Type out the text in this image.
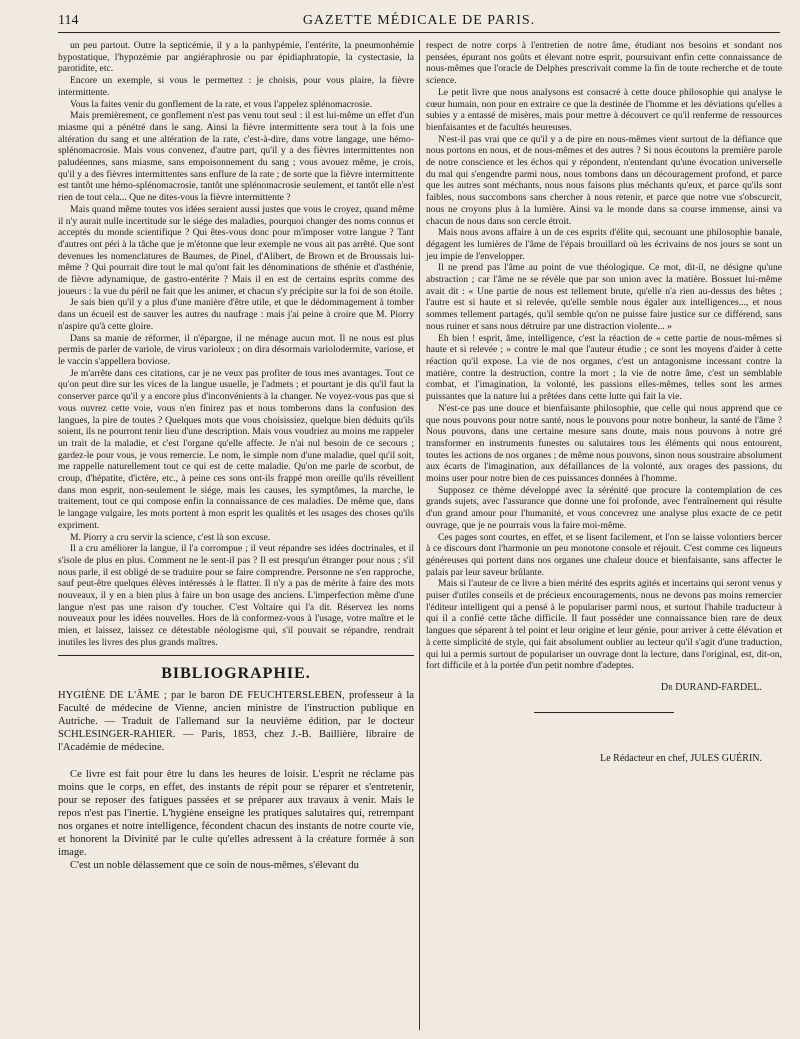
114	GAZETTE MÉDICALE DE PARIS.

un peu partout. Outre la septicémie, il y a la panhypémie, l'entérite, la pneumonhémie hypostatique, l'hypozémie par angiéraphrosie ou par épidiaphratopie, la cystectasie, la parotidite, etc.

Encore un exemple, si vous le permettez : je choisis, pour vous plaire, la fièvre intermittente.

Vous la faites venir du gonflement de la rate, et vous l'appelez splénomacrosie.

Mais premièrement, ce gonflement n'est pas venu tout seul : il est lui-même un effet d'un miasme qui a pénétré dans le sang. Ainsi la fièvre intermittente sera tout à la fois une altération du sang et une altération de la rate, c'est-à-dire, dans votre langage, une hémo-splénomacrosie. Mais vous convenez, d'autre part, qu'il y a des fièvres intermittentes non paludéennes, sans miasme, sans empoisonnement du sang ; vous avouez même, je crois, qu'il y a des fièvres intermittentes sans enflure de la rate ; de sorte que la fièvre intermittente est tantôt une hémo-splénomacrosie, tantôt une splénomacrosie seulement, et tantôt elle n'est rien de tout cela... Que ne dites-vous la fièvre intermittente ?

Mais quand même toutes vos idées seraient aussi justes que vous le croyez, quand même il n'y aurait nulle incertitude sur le siége des maladies, pourquoi changer des noms connus et acceptés du monde scientifique ? Qui êtes-vous donc pour m'imposer votre langue ? Tant d'autres ont péri à la tâche que je m'étonne que leur exemple ne vous ait pas arrêté. Que sont devenues les nomenclatures de Baumes, de Pinel, d'Alibert, de Brown et de Broussais lui-même ? Qui pourrait dire tout le mal qu'ont fait les dénominations de sthénie et d'asthénie, de fièvre adynamique, de gastro-entérite ? Mais il en est de certains esprits comme des joueurs : la vue du péril ne fait que les animer, et chacun s'y précipite sur la foi de son étoile.

Je sais bien qu'il y a plus d'une manière d'être utile, et que le dédommagement à tomber dans un écueil est de sauver les autres du naufrage : mais j'ai peine à croire que M. Piorry n'aspire qu'à cette gloire.

Dans sa manie de réformer, il n'épargne, il ne ménage aucun mot. Il ne nous est plus permis de parler de variole, de virus varioleux ; on dira désormais variolodermite, variose, et le vaccin s'appellera boviose.

Je m'arrête dans ces citations, car je ne veux pas profiter de tous mes avantages. Tout ce qu'on peut dire sur les vices de la langue usuelle, je l'admets ; et pourtant je dis qu'il faut la conserver parce qu'il y a encore plus d'inconvénients à la changer. Ne voyez-vous pas que si vous ouvrez cette voie, vous n'en finirez pas et nous tomberons dans la confusion des langues, la pire de toutes ? Quelques mots que vous choisissiez, quelque bien déduits qu'ils soient, ils ne pourront tenir lieu d'une description. Mais vous voudriez au moins me rappeler un trait de la maladie, et c'est l'organe qu'elle affecte. Je n'ai nul besoin de ce secours ; gardez-le pour vous, je vous remercie. Le nom, le simple nom d'une maladie, quel qu'il soit, me rappelle naturellement tout ce qui est de cette maladie. Qu'on me parle de scorbut, de croup, d'hépatite, d'ictère, etc., à peine ces sons ont-ils frappé mon oreille qu'ils réveillent dans mon esprit, non-seulement le siége, mais les causes, les symptômes, la marche, le traitement, tout ce qui compose enfin la connaissance de ces maladies. De même que, dans le langage vulgaire, les mots portent à mon esprit les qualités et les usages des choses qu'ils expriment.

M. Piorry a cru servir la science, c'est là son excuse.

Il a cru améliorer la langue, il l'a corrompue ; il veut répandre ses idées doctrinales, et il s'isole de plus en plus. Comment ne le sent-il pas ? Il est presqu'un étranger pour nous ; s'il nous parle, il est obligé de se traduire pour se faire comprendre. Personne ne s'en rapproche, sauf peut-être quelques élèves intéressés à le flatter. Il n'y a pas de mérite à faire des mots nouveaux, il y en a bien plus à faire un bon usage des anciens. L'imperfection même d'une langue n'est pas une raison d'y toucher. C'est Voltaire qui l'a dit. Réservez les noms nouveaux pour les idées nouvelles. Hors de là conformez-vous à l'usage, votre maître et le mien, et laissez, laissez ce détestable néologisme qui, s'il pouvait se répandre, rendrait inutiles les livres des plus grands maîtres.

BIBLIOGRAPHIE.
HYGIÈNE DE L'ÂME ; par le baron DE FEUCHTERSLEBEN, professeur à la Faculté de médecine de Vienne, ancien ministre de l'instruction publique en Autriche. — Traduit de l'allemand sur la neuvième édition, par le docteur SCHLESINGER-RAHIER. — Paris, 1853, chez J.-B. Baillière, libraire de l'Académie de médecine.

Ce livre est fait pour être lu dans les heures de loisir. L'esprit ne réclame pas moins que le corps, en effet, des instants de répit pour se réparer et s'entretenir, pour se reposer des fatigues passées et se préparer aux travaux à venir. Mais le repos n'est pas l'inertie. L'hygiène enseigne les pratiques salutaires qui, retrempant nos organes et notre intelligence, fécondent chacun des instants de notre courte vie, et honorent la Divinité par le culte qu'elles adressent à la créature formée à son image.

C'est un noble délassement que ce soin de nous-mêmes, s'élevant du

respect de notre corps à l'entretien de notre âme, étudiant nos besoins et sondant nos pensées, épurant nos goûts et élevant notre esprit, poursuivant enfin cette connaissance de nous-mêmes que l'oracle de Delphes prescrivait comme la fin de toute recherche et de toute science.

Le petit livre que nous analysons est consacré à cette douce philosophie qui analyse le cœur humain, non pour en extraire ce que la destinée de l'homme et les déviations qu'elles a subies y a entassé de misères, mais pour mettre à découvert ce qu'il renferme de ressources bienfaisantes et de facultés heureuses.

N'est-il pas vrai que ce qu'il y a de pire en nous-mêmes vient surtout de la défiance que nous portons en nous, et de nous-mêmes et des autres ? Si nous écoutons la première parole de notre conscience et les échos qui y répondent, n'entendant qu'une évocation universelle du mal qui s'engendre parmi nous, nous tombons dans un découragement profond, et parce que les autres sont méchants, nous nous faisons plus méchants qu'eux, et parce qu'ils sont faibles, nous succombons sans chercher à nous retenir, et parce que notre vue s'obscurcit, nous ne croyons plus à la lumière. Ainsi va le monde dans sa course immense, ainsi va chacun de nous dans son cercle étroit.

Mais nous avons affaire à un de ces esprits d'élite qui, secouant une philosophie banale, dégagent les lumières de l'âme de l'épais brouillard où les écrivains de nos jours se sont un jeu impie de l'envelopper.

Il ne prend pas l'âme au point de vue théologique. Ce mot, dit-il, ne désigne qu'une abstraction ; car l'âme ne se révèle que par son union avec la matière. Bossuet lui-même avait dit : « Une partie de nous est tellement brute, qu'elle n'a rien au-dessus des bêtes ; l'autre est si haute et si relevée, qu'elle semble nous égaler aux intelligences..., et nous sommes tellement partagés, qu'il semble qu'on ne puisse faire justice sur ce différend, sans nous ruiner et sans nous détruire par une distraction violente... »

Eh bien ! esprit, âme, intelligence, c'est la réaction de « cette partie de nous-mêmes si haute et si relevée ; » contre le mal que l'auteur étudie ; ce sont les moyens d'aider à cette réaction qu'il expose. La vie de nos organes, c'est un antagonisme incessant contre la matière, contre la destruction, contre la mort ; la vie de notre âme, c'est un semblable combat, et l'imagination, la volonté, les passions elles-mêmes, telles sont les armes puissantes que la nature lui a prêtées dans cette lutte qui fait la vie.

N'est-ce pas une douce et bienfaisante philosophie, que celle qui nous apprend que ce que nous pouvons pour notre santé, nous le pouvons pour notre bonheur, la santé de l'âme ? Nous pouvons, dans une certaine mesure sans doute, mais nous pouvons à notre gré transformer en instruments funestes ou salutaires tous les éléments qui nous entourent, toutes les actions de nos organes ; de même nous pouvons, sinon nous soustraire absolument aux écarts de l'imagination, aux défaillances de la volonté, aux orages des passions, du moins user pour notre bien de ces puissances données à l'homme.

Supposez ce thème développé avec la sérénité que procure la contemplation de ces grands sujets, avec l'assurance que donne une foi profonde, avec l'entraînement qui résulte d'un grand amour pour l'humanité, et vous concevrez une analyse plus exacte de ce petit ouvrage, que je ne pourrais vous la faire moi-même.

Ces pages sont courtes, en effet, et se lisent facilement, et l'on se laisse volontiers bercer à ce discours dont l'harmonie un peu monotone console et réjouit. C'est comme ces liqueurs généreuses qui portent dans nos organes une chaleur douce et bienfaisante, sans affecter le palais par leur saveur brûlante.

Mais si l'auteur de ce livre a bien mérité des esprits agités et incertains qui seront venus y puiser d'utiles conseils et de précieux encouragements, nous ne devons pas moins remercier l'éditeur intelligent qui a pensé à le populariser parmi nous, et surtout l'habile traducteur à qui il a confié cette tâche difficile. Il faut posséder une connaissance bien rare de deux langues que séparent à tel point et leur origine et leur génie, pour arriver à cette élévation et à cette simplicité de style, qui fait absolument oublier au lecteur qu'il s'agit d'une traduction, qui lui a permis surtout de populariser un ouvrage dont la lecture, dans l'original, est, dit-on, fort difficile et à la portée d'un petit nombre d'adeptes.

Dr DURAND-FARDEL.
Le Rédacteur en chef, JULES GUÉRIN.
